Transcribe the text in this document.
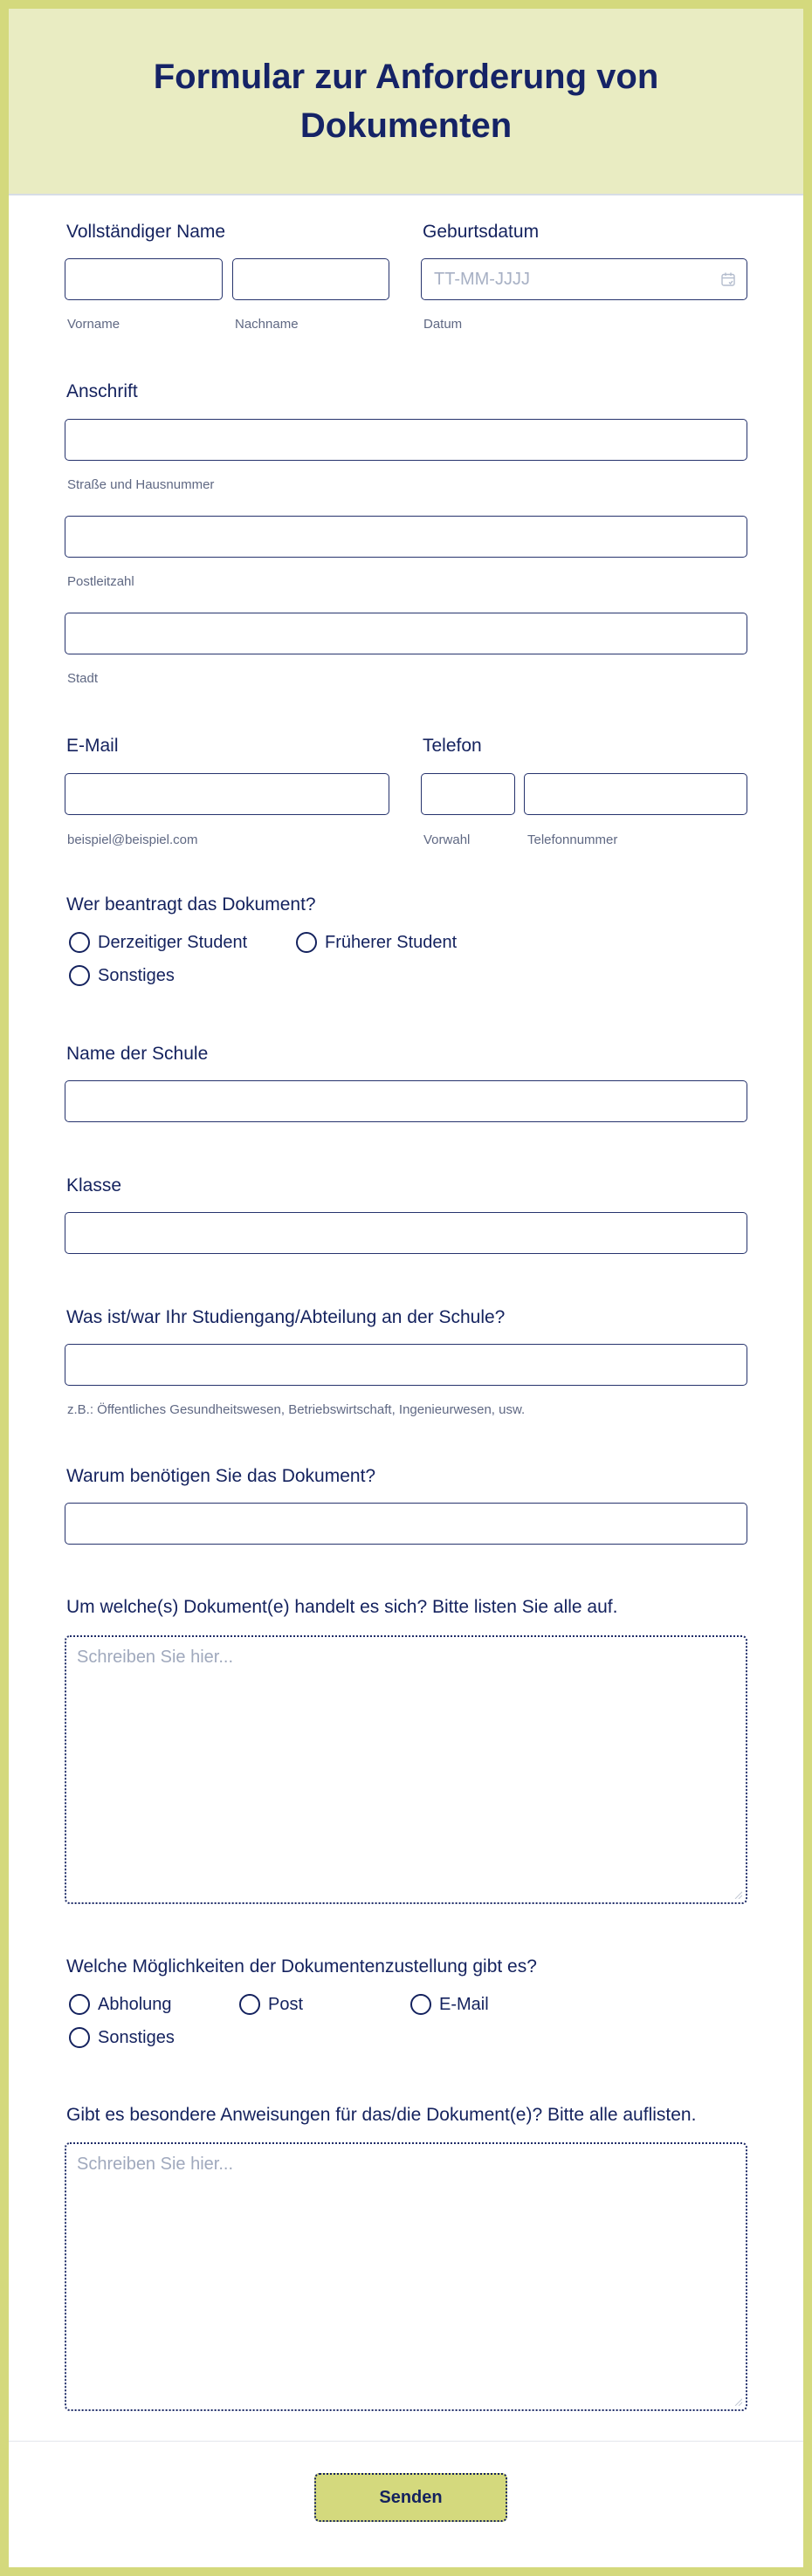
Formular zur Anforderung von Dokumenten
Vollständiger Name
Vorname	Nachname
Geburtsdatum
TT-MM-JJJJ
Datum
Anschrift
Straße und Hausnummer
Postleitzahl
Stadt
E-Mail
beispiel@beispiel.com
Telefon
Vorwahl	Telefonnummer
Wer beantragt das Dokument?
Derzeitiger Student	Früherer Student
Sonstiges
Name der Schule
Klasse
Was ist/war Ihr Studiengang/Abteilung an der Schule?
z.B.: Öffentliches Gesundheitswesen, Betriebswirtschaft, Ingenieurwesen, usw.
Warum benötigen Sie das Dokument?
Um welche(s) Dokument(e) handelt es sich? Bitte listen Sie alle auf.
Schreiben Sie hier...
Welche Möglichkeiten der Dokumentenzustellung gibt es?
Abholung	Post	E-Mail
Sonstiges
Gibt es besondere Anweisungen für das/die Dokument(e)? Bitte alle auflisten.
Schreiben Sie hier...
Senden
